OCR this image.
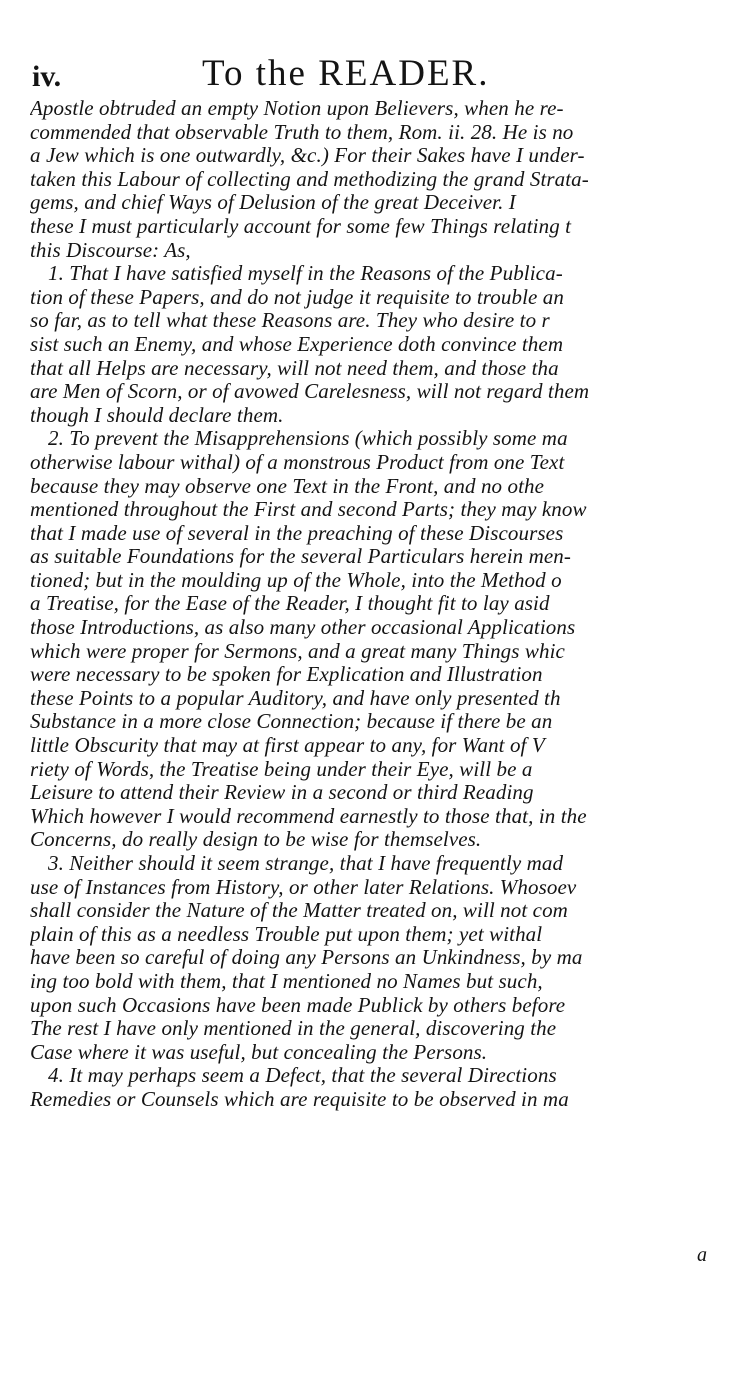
iv.	To the READER.
Apostle obtruded an empty Notion upon Believers, when he re-
commended that observable Truth to them, Rom. ii. 28. He is no
a Jew which is one outwardly, &c.) For their Sakes have I under-
taken this Labour of collecting and methodizing the grand Strata-
gems, and chief Ways of Delusion of the great Deceiver. I
these I must particularly account for some few Things relating t
this Discourse: As,
1. That I have satisfied myself in the Reasons of the Publica-
tion of these Papers, and do not judge it requisite to trouble an
so far, as to tell what these Reasons are. They who desire to r
sist such an Enemy, and whose Experience doth convince them
that all Helps are necessary, will not need them, and those tha
are Men of Scorn, or of avowed Carelesness, will not regard them
though I should declare them.
2. To prevent the Misapprehensions (which possibly some ma
otherwise labour withal) of a monstrous Product from one Text
because they may observe one Text in the Front, and no othe
mentioned throughout the First and second Parts; they may know
that I made use of several in the preaching of these Discourses
as suitable Foundations for the several Particulars herein men-
tioned; but in the moulding up of the Whole, into the Method o
a Treatise, for the Ease of the Reader, I thought fit to lay asid
those Introductions, as also many other occasional Applications
which were proper for Sermons, and a great many Things whic
were necessary to be spoken for Explication and Illustration
these Points to a popular Auditory, and have only presented th
Substance in a more close Connection; because if there be an
little Obscurity that may at first appear to any, for Want of V
riety of Words, the Treatise being under their Eye, will be a
Leisure to attend their Review in a second or third Reading
Which however I would recommend earnestly to those that, in the
Concerns, do really design to be wise for themselves.
3. Neither should it seem strange, that I have frequently mad
use of Instances from History, or other later Relations. Whosoev
shall consider the Nature of the Matter treated on, will not com
plain of this as a needless Trouble put upon them; yet withal
have been so careful of doing any Persons an Unkindness, by ma
ing too bold with them, that I mentioned no Names but such,
upon such Occasions have been made Publick by others before
The rest I have only mentioned in the general, discovering the
Case where it was useful, but concealing the Persons.
4. It may perhaps seem a Defect, that the several Directions
Remedies or Counsels which are requisite to be observed in ma
a
